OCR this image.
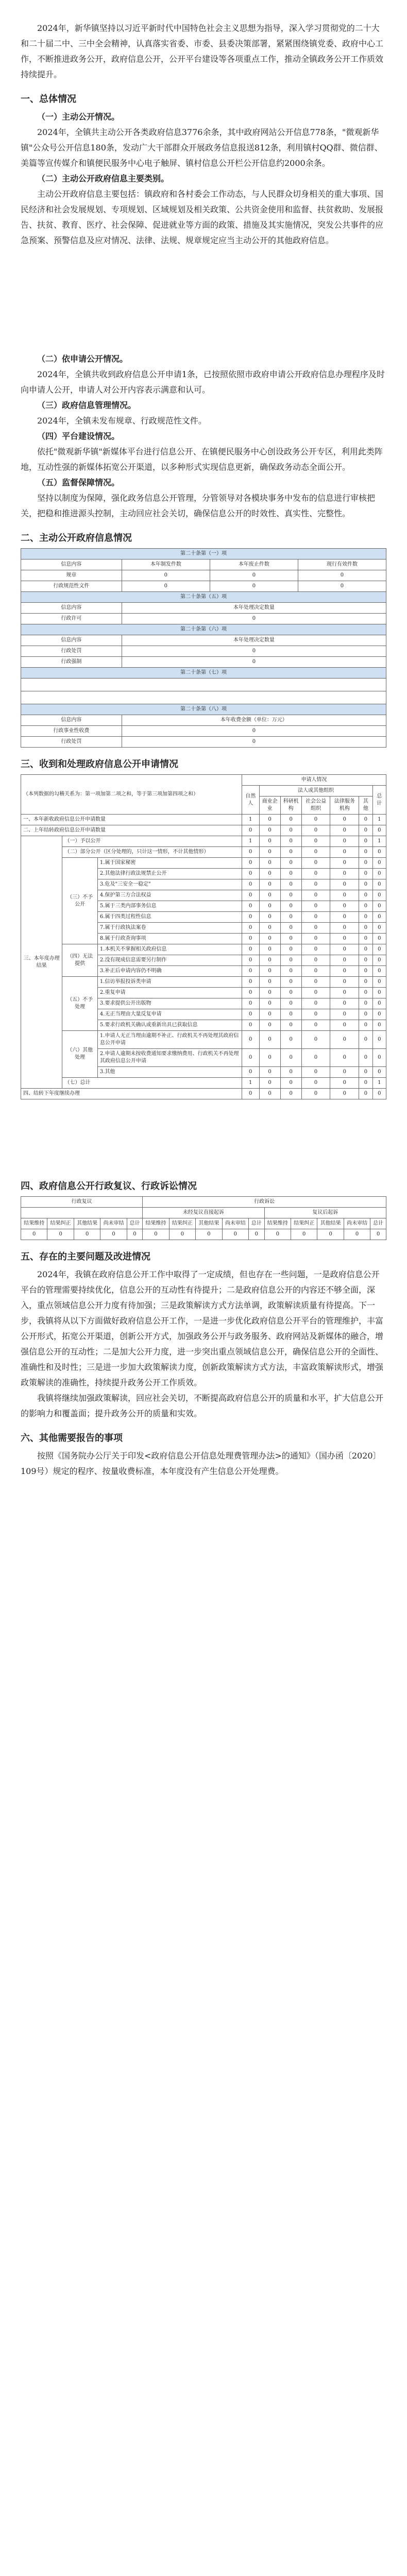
2024年，新华镇坚持以习近平新时代中国特色社会主义思想为指导，深入学习贯彻党的二十大和二十届二中、三中全会精神，认真落实省委、市委、县委决策部署，紧紧围绕镇党委、政府中心工作，不断推进政务公开，政府信息公开，公开平台建设等各项重点工作，推动全镇政务公开工作质效持续提升。

一、总体情况

（一）主动公开情况。

2024年，全镇共主动公开各类政府信息3776余条，其中政府网站公开信息778条，"微观新华镇"公众号公开信息180条，发动广大干部群众开展政务信息报送812条，利用镇村QQ群、微信群、美篇等宣传媒介和镇便民服务中心电子触屏、镇村信息公开栏公开信息约2000余条。

（二）主动公开政府信息主要类别。

主动公开政府信息主要包括：镇政府和各村委会工作动态，与人民群众切身相关的重大事项、国民经济和社会发展规划、专项规划、区域规划及相关政策、公共资金使用和监督、扶贫救助、发展报告、扶贫、教育、医疗、社会保障、促进就业等方面的政策、措施及其实施情况，突发公共事件的应急预案、预警信息及应对情况、法律、法规、规章规定应当主动公开的其他政府信息。

（二）依申请公开情况。

2024年，全镇共收到政府信息公开申请1条，已按照依照市政府申请公开政府信息办理程序及时向申请人公开，申请人对公开内容表示满意和认可。

（三）政府信息管理情况。

2024年，全镇未发布规章、行政规范性文件。

（四）平台建设情况。

依托"微观新华镇"新媒体平台进行信息公开、在镇便民服务中心创设政务公开专区，利用此类阵地，互动性强的新媒体拓宽公开渠道，以多种形式实现信息更新，确保政务动态全面公开。

（五）监督保障情况。

坚持以制度为保障，强化政务信息公开管理，分管领导对各模块事务中发布的信息进行审核把关，把稳和推进源头控制，主动回应社会关切，确保信息公开的时效性、真实性、完整性。

二、主动公开政府信息情况
第二十条第（一）项			
信息内容	本年制发件数	本年废止件数	现行有效件数
规章	0	0	0
行政规范性文件	0	0	0
第二十条第（五）项			
信息内容	本年处理决定数量		
行政许可	0		
第二十条第（六）项			
信息内容	本年处理决定数量		
行政处罚	0		
行政强制	0		
第二十条第（七）项			

第二十条第（八）项			
信息内容	本年收费金额（单位：万元）		
行政事业性收费	0		
行政处罚	0		
三、收到和处理政府信息公开申请情况
（本列数据的勾稽关系为：第一项加第二项之和，等于第三项加第四项之和）			申请人情况						
			自然人	法人或其他组织					总计
				商业企业	科研机构	社会公益组织	法律服务机构	其他	
一、本年新收政府信息公开申请数量			1	0	0	0	0	0	1
二、上年结转政府信息公开申请数量			0	0	0	0	0	0	0
三、本年度办理结果	（一）予以公开		1	0	0	0	0	0	1
	（二）部分公开（区分处理的，只计这一情形，不计其他情形）		0	0	0	0	0	0	0
	（三）不予公开	1.属于国家秘密	0	0	0	0	0	0	0
		2.其他法律行政法规禁止公开	0	0	0	0	0	0	0
		3.危及"三安全一稳定"	0	0	0	0	0	0	0
		4.保护第三方合法权益	0	0	0	0	0	0	0
		5.属于三类内部事务信息	0	0	0	0	0	0	0
		6.属于四类过程性信息	0	0	0	0	0	0	0
		7.属于行政执法案卷	0	0	0	0	0	0	0
		8.属于行政查询事项	0	0	0	0	0	0	0
	（四）无法提供	1.本机关不掌握相关政府信息	0	0	0	0	0	0	0
		2.没有现成信息需要另行制作	0	0	0	0	0	0	0
		3.补正后申请内容仍不明确	0	0	0	0	0	0	0
	（五）不予处理	1.信访举报投诉类申请	0	0	0	0	0	0	0
		2.重复申请	0	0	0	0	0	0	0
		3.要求提供公开出版物	0	0	0	0	0	0	0
		4.无正当理由大量反复申请	0	0	0	0	0	0	0
		5.要求行政机关确认或重新出具已获取信息	0	0	0	0	0	0	0
	（六）其他处理	1.申请人无正当理由逾期不补正、行政机关不再处理其政府信息公开申请	0	0	0	0	0	0	0
		2.申请人逾期未按收费通知要求缴纳费用、行政机关不再处理其政府信息公开申请	0	0	0	0	0	0	0
		3.其他	0	0	0	0	0	0	0
	（七）总计		1	0	0	0	0	0	1
四、结转下年度继续办理			0	0	0	0	0	0	0
四、政府信息公开行政复议、行政诉讼情况
行政复议					行政诉讼									
					未经复议直接起诉					复议后起诉				
结果维持	结果纠正	其他结果	尚未审结	总计	结果维持	结果纠正	其他结果	尚未审结	总计	结果维持	结果纠正	其他结果	尚未审结	总计
0	0	0	0	0	0	0	0	0	0	0	0	0	0	0
五、存在的主要问题及改进情况

2024年，我镇在政府信息公开工作中取得了一定成绩，但也存在一些问题，一是政府信息公开平台的管理需要持续优化，信息公开的互动性有待提升；二是政府信息公开的内容还不够全面，深入，重点领域信息公开力度有待加强；三是政策解读方式方法单调，政策解读质量有待提高。下一步，我镇将从以下方面做好政府信息公开工作，一是进一步优化政府信息公开平台的管理维护，丰富公开形式，拓宽公开渠道，创新公开方式，加强政务公开与政务服务、政府网站及新媒体的融合，增强信息公开的互动性；二是加大公开力度，进一步突出重点领域信息公开，确保信息公开的全面性、准确性和及时性；三是进一步加大政策解读力度，创新政策解读方式方法，丰富政策解读形式，增强政策解读的准确性，持续提升政务公开工作质效。

我镇将继续加强政策解读，回应社会关切，不断提高政府信息公开的质量和水平，扩大信息公开的影响力和覆盖面；提升政务公开的质量和实效。

六、其他需要报告的事项

按照《国务院办公厅关于印发<政府信息公开信息处理费管理办法>的通知》（国办函〔2020〕109号）规定的程序、按量收费标准，本年度没有产生信息公开处理费。
